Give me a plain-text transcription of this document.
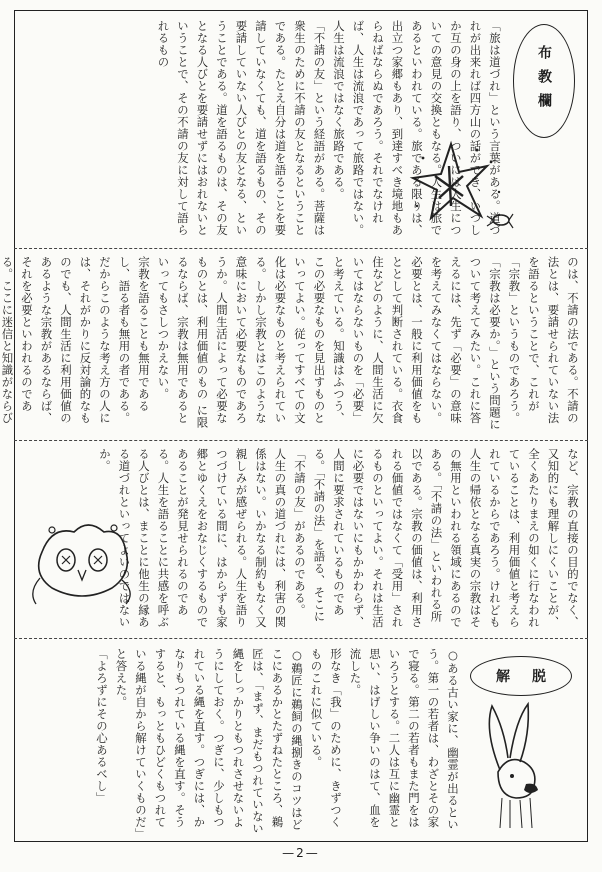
布教欄
「旅は道づれ」という言葉がある。道づれが出来れば四方山の話ができ、いつしか互の身の上を語り、ついには人生についての意見の交換ともなる。人生は旅であるといわれている。旅である限りは、出立つ家郷もあり、到達すべき境地もあらねばならぬであろう。それでなければ、人生は流浪であって旅路ではない。人生は流浪ではなく旅路である。
「不請の友」という経語がある。菩薩は衆生のために不請の友となるということである。たとえ自分は道を語ることを要請していなくても、道を語るもの、その要請していない人びとの友となる、ということである。道を語るものは、その友となる人びとを要請せずにはおれないということで、その不請の友に対して語られるもの
のは、不請の法である。不請の法とは、要請せられていない法を語るということで、これが「宗教」というものであろう。
「宗教は必要か。」という問題について考えてみたい。これに答えるには、先ず「必要」の意味を考えてみなくてはならない。必要とは、一般に利用価値をもととして判断されている。衣食住などのように、人間生活に欠いてはならないものを「必要」と考えている。知識はふつう、この必要なものを見出すものといってよい。従ってすべての文化は必要なものと考えられている。しかし宗教とはこのような意味において必要なものであろうか。人間生活によって必要なものとは、利用価値のもの に限るならば、宗教は無用であるといってもさしつかえない。
宗教を語ることも無用であるし、語る者も無用の者である。だからこのような考え方の人には、それがかりに反対論的なものでも、人間生活に利用価値のあるような宗教があるならば、それを必要といわれるのである。ここに迷信と知識がならび
など、宗教の直接の目的でなく、又知的にも理解しにくいことが、全くあたりまえの如くに行なわれていることは、利用価値と考えられているからであろう。けれども人生の帰依となる真実の宗教はその無用といわれる領域にあるのである。「不請の法」といわれる所以である。宗教の価値は、利用される価値ではなくて「受用」されるものといってよい。それは生活に必要ではないにもかかわらず、人間に要求されているものである。「不請の法」を語る、そこに「不請の友」があるのである。
人生の真の道づれには、利害の関係はない。いかなる制約もなく又親しみが感ぜられる。人生を語りつづけている間に、はからずも家郷とゆくえをおなじくするものであることが発見せられるのである。人生を語ることに共感を呼ぶる人びとは、まことに他生の縁ある道づれといってよいのではないか。
解脱
○ある古い家に、幽霊が出るという。第一の若者は、わざとその家で寝る。第二の若者もまた門をはいろうとする。二人は互に幽霊と思い、はげしい争いのはて、血を流した。
形なき「我」のために、きずつくものこれに似ている。
○鵜匠に鵜飼の縄捌きのコツはどこにあるかとたずねたところ、鵜匠は、「まず、まだもつれていない縄をしっかりともつれさせないようにしておく。つぎに、少しもつれている縄を直す。つぎには、かなりもつれている縄を直す。そうすると、もっともひどくもつれている縄が自から解けていくものだ」と答えた。
「よろずにその心あるべし」
—2—
